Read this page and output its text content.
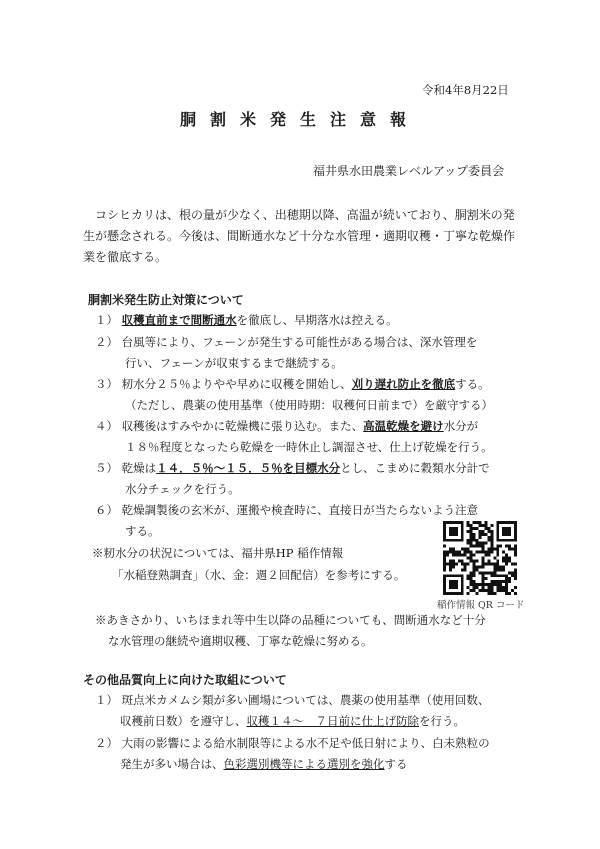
令和4年8月22日
胴割米発生注意報
福井県水田農業レベルアップ委員会
　コシヒカリは、根の量が少なく、出穂期以降、高温が続いており、胴割米の発生が懸念される。今後は、間断通水など十分な水管理・適期収穫・丁寧な乾燥作業を徹底する。
胴割米発生防止対策について
１） 収穫直前まで間断通水を徹底し、早期落水は控える。
２） 台風等により、フェーンが発生する可能性がある場合は、深水管理を
行い、フェーンが収束するまで継続する。
３） 籾水分２５％よりやや早めに収穫を開始し、刈り遅れ防止を徹底する。
（ただし、農薬の使用基準（使用時期：収穫何日前まで）を厳守する）
４） 収穫後はすみやかに乾燥機に張り込む。また、高温乾燥を避け水分が
１８％程度となったら乾燥を一時休止し調湿させ、仕上げ乾燥を行う。
５） 乾燥は１４．５％～１５．５％を目標水分とし、こまめに穀類水分計で
水分チェックを行う。
６） 乾燥調製後の玄米が、運搬や検査時に、直接日が当たらないよう注意
する。
※籾水分の状況については、福井県HP 稲作情報
「水稲登熟調査」（水、金：週２回配信）を参考にする。
稲作情報 QR コード
※あきさかり、いちほまれ等中生以降の品種についても、間断通水など十分
な水管理の継続や適期収穫、丁寧な乾燥に努める。
その他品質向上に向けた取組について
１） 斑点米カメムシ類が多い圃場については、農薬の使用基準（使用回数、
収穫前日数）を遵守し、収穫１４～　７日前に仕上げ防除を行う。
２） 大雨の影響による給水制限等による水不足や低日射により、白未熟粒の
発生が多い場合は、色彩選別機等による選別を強化する
